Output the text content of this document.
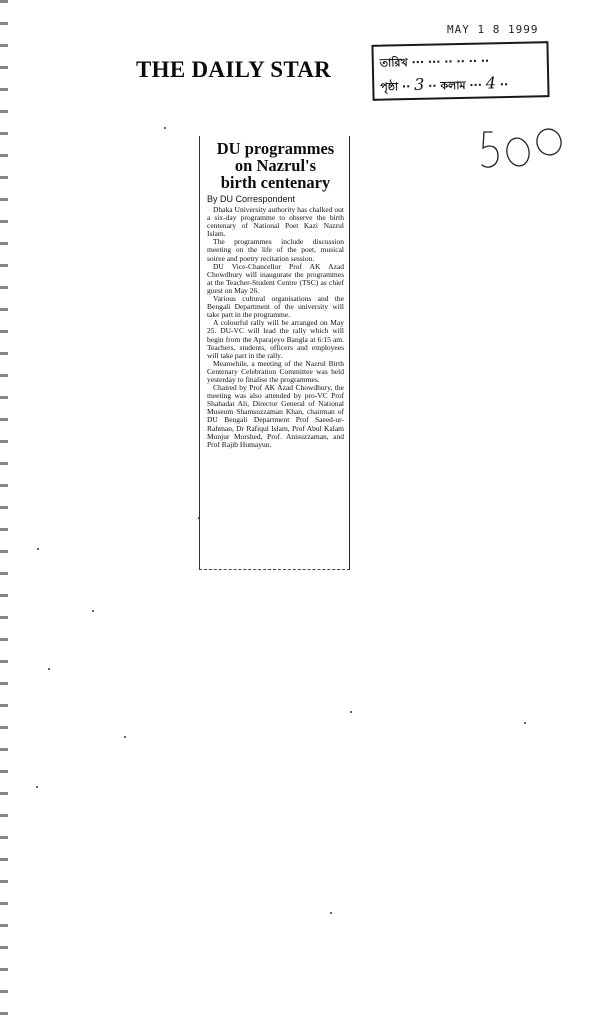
THE DAILY STAR
MAY 1 8 1999
তারিখ ··· ··· ·· ·· ·· ··
পৃষ্ঠা ·· 3 ·· কলাম ··· 4 ··
DU programmes
on Nazrul's
birth centenary
By DU Correspondent

Dhaka University authority has chalked out a six-day programme to observe the birth centenary of National Poet Kazi Nazrul Islam.

The programmes include discussion meeting on the life of the poet, musical soiree and poetry recitation session.

DU Vice-Chancellor Prof AK Azad Chowdhury will inaugurate the programmes at the Teacher-Student Centre (TSC) as chief guest on May 26.

Various cultural organisations and the Bengali Department of the university will take part in the programme.

A colourful rally will be arranged on May 25. DU-VC will lead the rally which will begin from the Aparajeyo Bangla at 6:15 am. Teachers, students, officers and employees will take part in the rally.

Meanwhile, a meeting of the Nazrul Birth Centenary Celebration Committee was held yesterday to finalise the programmes.

Chaired by Prof AK Azad Chowdhury, the meeting was also attended by pro-VC Prof Shahadat Ali, Director General of National Museum Shamsuzzaman Khan, chairman of DU Bengali Department Prof Saeed-ur-Rahman, Dr Rafiqul Islam, Prof Abul Kalam Monjur Morshed, Prof. Anisuzzaman, and Prof Rajib Humayun.
